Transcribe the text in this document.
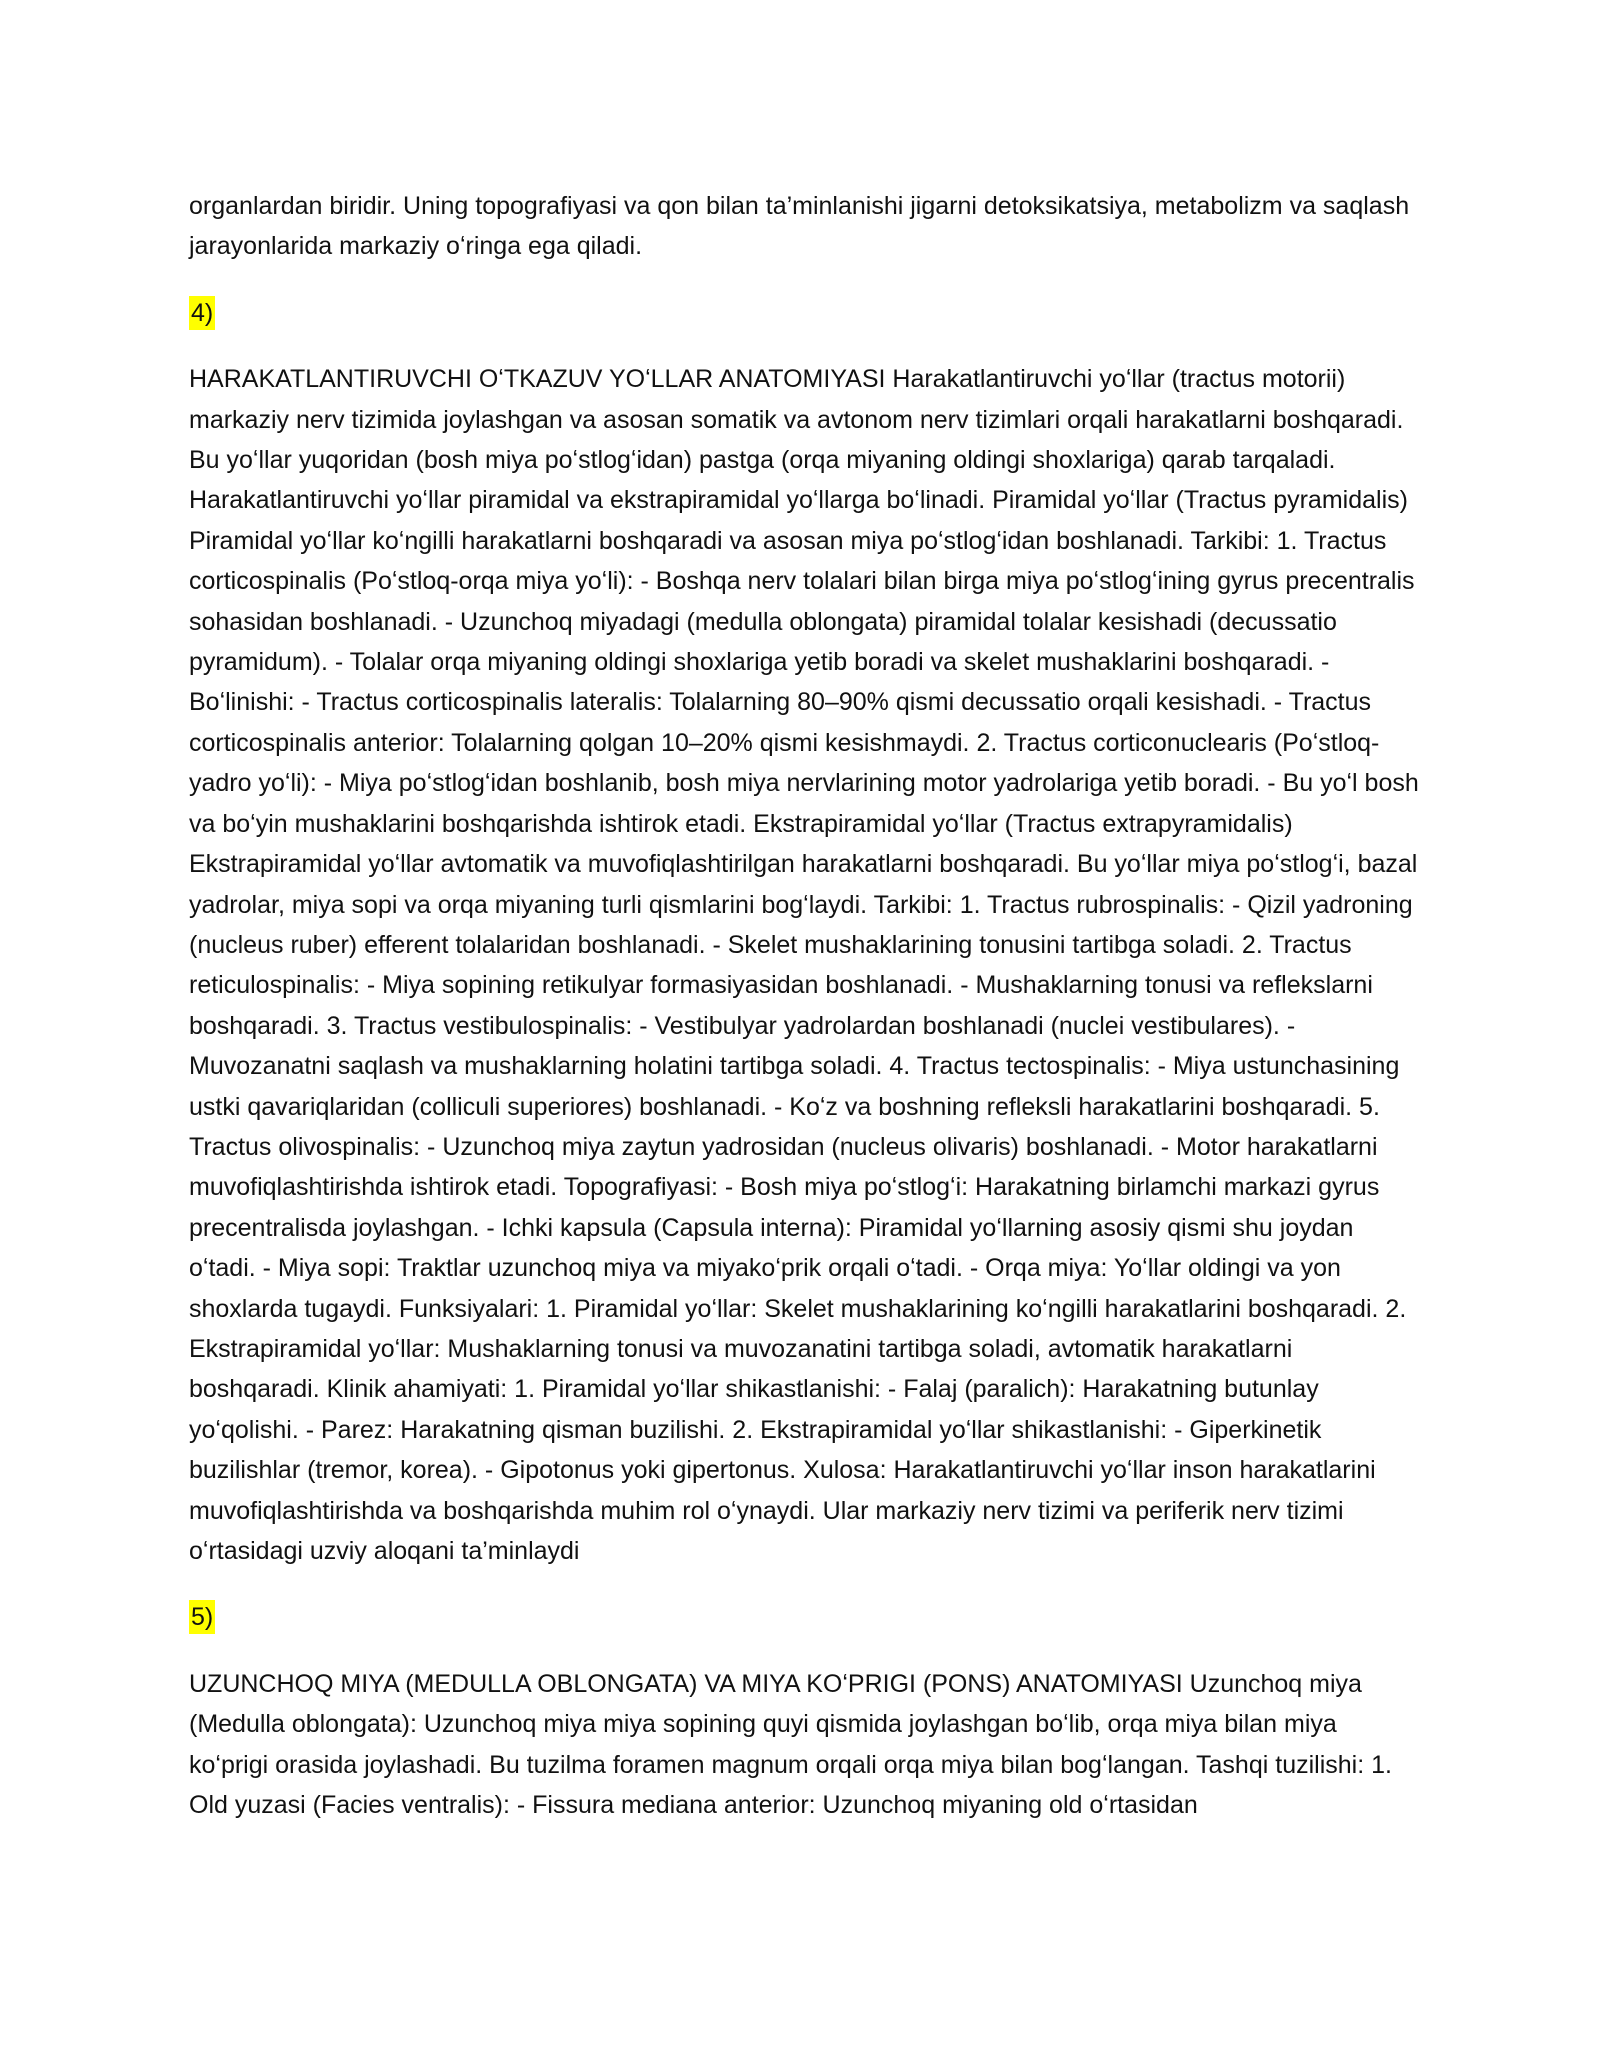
organlardan biridir. Uning topografiyasi va qon bilan ta’minlanishi jigarni detoksikatsiya, metabolizm va saqlash jarayonlarida markaziy oʻringa ega qiladi.

4)

HARAKATLANTIRUVCHI OʻTKAZUV YOʻLLAR ANATOMIYASI Harakatlantiruvchi yoʻllar (tractus motorii) markaziy nerv tizimida joylashgan va asosan somatik va avtonom nerv tizimlari orqali harakatlarni boshqaradi. Bu yoʻllar yuqoridan (bosh miya poʻstlogʻidan) pastga (orqa miyaning oldingi shoxlariga) qarab tarqaladi. Harakatlantiruvchi yoʻllar piramidal va ekstrapiramidal yoʻllarga boʻlinadi. Piramidal yoʻllar (Tractus pyramidalis) Piramidal yoʻllar koʻngilli harakatlarni boshqaradi va asosan miya poʻstlogʻidan boshlanadi. Tarkibi: 1. Tractus corticospinalis (Poʻstloq-orqa miya yoʻli): - Boshqa nerv tolalari bilan birga miya poʻstlogʻining gyrus precentralis sohasidan boshlanadi. - Uzunchoq miyadagi (medulla oblongata) piramidal tolalar kesishadi (decussatio pyramidum). - Tolalar orqa miyaning oldingi shoxlariga yetib boradi va skelet mushaklarini boshqaradi. - Boʻlinishi: - Tractus corticospinalis lateralis: Tolalarning 80–90% qismi decussatio orqali kesishadi. - Tractus corticospinalis anterior: Tolalarning qolgan 10–20% qismi kesishmaydi. 2. Tractus corticonuclearis (Poʻstloq-yadro yoʻli): - Miya poʻstlogʻidan boshlanib, bosh miya nervlarining motor yadrolariga yetib boradi. - Bu yoʻl bosh va boʻyin mushaklarini boshqarishda ishtirok etadi. Ekstrapiramidal yoʻllar (Tractus extrapyramidalis) Ekstrapiramidal yoʻllar avtomatik va muvofiqlashtirilgan harakatlarni boshqaradi. Bu yoʻllar miya poʻstlogʻi, bazal yadrolar, miya sopi va orqa miyaning turli qismlarini bogʻlaydi. Tarkibi: 1. Tractus rubrospinalis: - Qizil yadroning (nucleus ruber) efferent tolalaridan boshlanadi. - Skelet mushaklarining tonusini tartibga soladi. 2. Tractus reticulospinalis: - Miya sopining retikulyar formasiyasidan boshlanadi. - Mushaklarning tonusi va reflekslarni boshqaradi. 3. Tractus vestibulospinalis: - Vestibulyar yadrolardan boshlanadi (nuclei vestibulares). - Muvozanatni saqlash va mushaklarning holatini tartibga soladi. 4. Tractus tectospinalis: - Miya ustunchasining ustki qavariqlaridan (colliculi superiores) boshlanadi. - Koʻz va boshning refleksli harakatlarini boshqaradi. 5. Tractus olivospinalis: - Uzunchoq miya zaytun yadrosidan (nucleus olivaris) boshlanadi. - Motor harakatlarni muvofiqlashtirishda ishtirok etadi. Topografiyasi: - Bosh miya poʻstlogʻi: Harakatning birlamchi markazi gyrus precentralisda joylashgan. - Ichki kapsula (Capsula interna): Piramidal yoʻllarning asosiy qismi shu joydan oʻtadi. - Miya sopi: Traktlar uzunchoq miya va miyakoʻprik orqali oʻtadi. - Orqa miya: Yoʻllar oldingi va yon shoxlarda tugaydi. Funksiyalari: 1. Piramidal yoʻllar: Skelet mushaklarining koʻngilli harakatlarini boshqaradi. 2. Ekstrapiramidal yoʻllar: Mushaklarning tonusi va muvozanatini tartibga soladi, avtomatik harakatlarni boshqaradi. Klinik ahamiyati: 1. Piramidal yoʻllar shikastlanishi: - Falaj (paralich): Harakatning butunlay yoʻqolishi. - Parez: Harakatning qisman buzilishi. 2. Ekstrapiramidal yoʻllar shikastlanishi: - Giperkinetik buzilishlar (tremor, korea). - Gipotonus yoki gipertonus. Xulosa: Harakatlantiruvchi yoʻllar inson harakatlarini muvofiqlashtirishda va boshqarishda muhim rol oʻynaydi. Ular markaziy nerv tizimi va periferik nerv tizimi oʻrtasidagi uzviy aloqani ta’minlaydi

5)

UZUNCHOQ MIYA (MEDULLA OBLONGATA) VA MIYA KOʻPRIGI (PONS) ANATOMIYASI Uzunchoq miya (Medulla oblongata): Uzunchoq miya miya sopining quyi qismida joylashgan boʻlib, orqa miya bilan miya koʻprigi orasida joylashadi. Bu tuzilma foramen magnum orqali orqa miya bilan bogʻlangan. Tashqi tuzilishi: 1. Old yuzasi (Facies ventralis): - Fissura mediana anterior: Uzunchoq miyaning old oʻrtasidan
